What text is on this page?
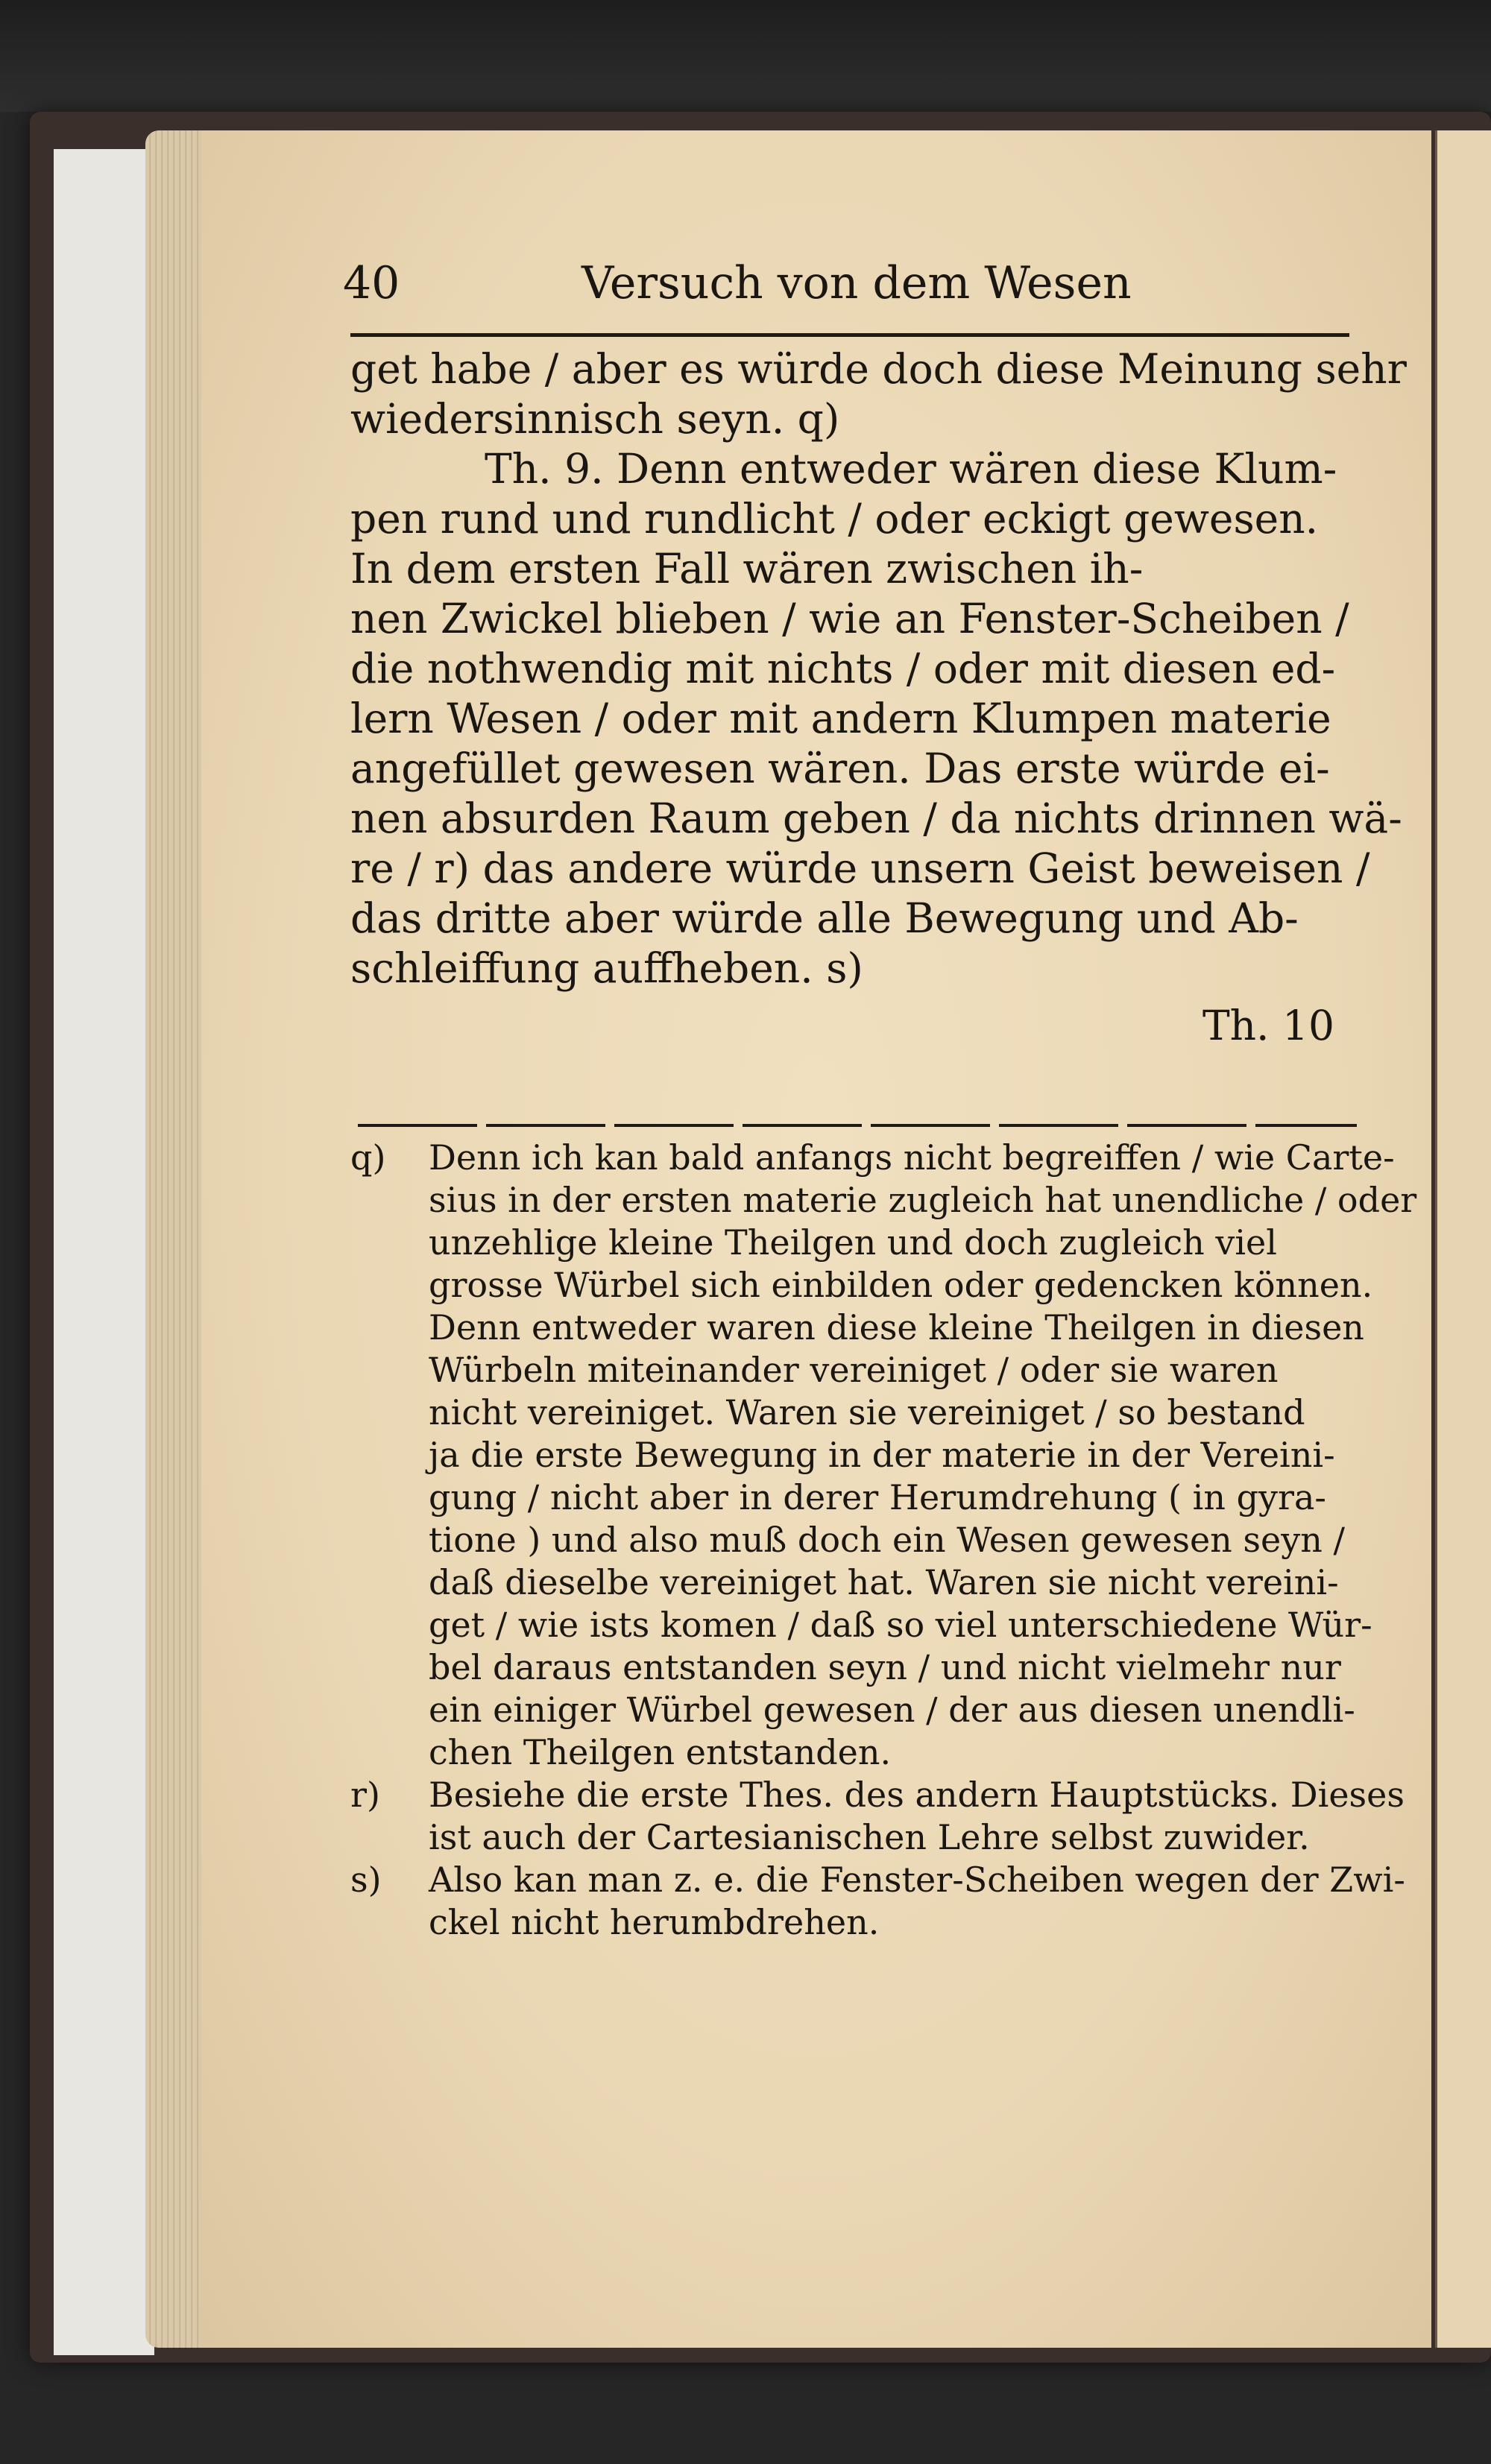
40	Versuch von dem Wesen
get habe / aber es würde doch diese Meinung sehr
wiedersinnisch seyn. q)
Th. 9. Denn entweder wären diese Klum-
pen rund und rundlicht / oder eckigt gewesen.
In dem ersten Fall wären zwischen ih-
nen Zwickel blieben / wie an Fenster-Scheiben /
die nothwendig mit nichts / oder mit diesen ed-
lern Wesen / oder mit andern Klumpen materie
angefüllet gewesen wären. Das erste würde ei-
nen absurden Raum geben / da nichts drinnen wä-
re / r) das andere würde unsern Geist beweisen /
das dritte aber würde alle Bewegung und Ab-
schleiffung auffheben. s)
Th. 10
q) Denn ich kan bald anfangs nicht begreiffen / wie Carte-
sius in der ersten materie zugleich hat unendliche / oder
unzehlige kleine Theilgen und doch zugleich viel
grosse Würbel sich einbilden oder gedencken können.
Denn entweder waren diese kleine Theilgen in diesen
Würbeln miteinander vereiniget / oder sie waren
nicht vereiniget. Waren sie vereiniget / so bestand
ja die erste Bewegung in der materie in der Vereini-
gung / nicht aber in derer Herumdrehung ( in gyra-
tione ) und also muß doch ein Wesen gewesen seyn /
daß dieselbe vereiniget hat. Waren sie nicht vereini-
get / wie ists komen / daß so viel unterschiedene Wür-
bel daraus entstanden seyn / und nicht vielmehr nur
ein einiger Würbel gewesen / der aus diesen unendli-
chen Theilgen entstanden.
r) Besiehe die erste Thes. des andern Hauptstücks. Dieses
ist auch der Cartesianischen Lehre selbst zuwider.
s) Also kan man z. e. die Fenster-Scheiben wegen der Zwi-
ckel nicht herumbdrehen.
